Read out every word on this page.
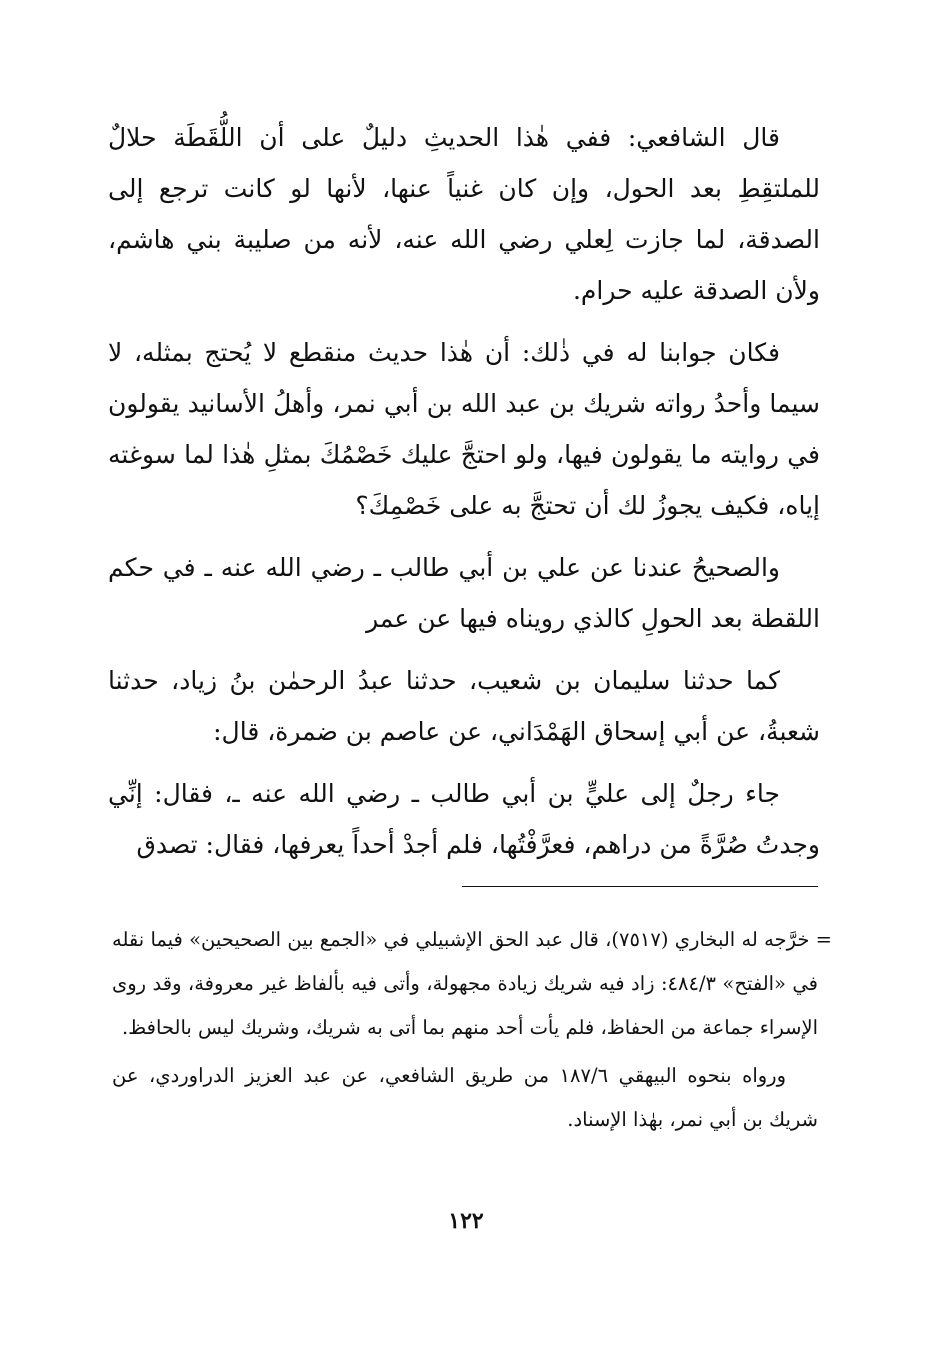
قال الشافعي: ففي هٰذا الحديثِ دليلٌ على أن اللُّقَطَة حلالٌ للملتقِطِ بعد الحول، وإن كان غنياً عنها، لأنها لو كانت ترجع إلى الصدقة، لما جازت لِعلي رضي الله عنه، لأنه من صليبة بني هاشم، ولأن الصدقة عليه حرام.

فكان جوابنا له في ذٰلك: أن هٰذا حديث منقطع لا يُحتج بمثله، لا سيما وأحدُ رواته شريك بن عبد الله بن أبي نمر، وأهلُ الأسانيد يقولون في روايته ما يقولون فيها، ولو احتجَّ عليك خَصْمُكَ بمثلِ هٰذا لما سوغته إياه، فكيف يجوزُ لك أن تحتجَّ به على خَصْمِكَ؟

والصحيحُ عندنا عن علي بن أبي طالب ـ رضي الله عنه ـ في حكم اللقطة بعد الحولِ كالذي رويناه فيها عن عمر

كما حدثنا سليمان بن شعيب، حدثنا عبدُ الرحمٰن بنُ زياد، حدثنا شعبةُ، عن أبي إسحاق الهَمْدَاني، عن عاصم بن ضمرة، قال:

جاء رجلٌ إلى عليٍّ بن أبي طالب ـ رضي الله عنه ـ، فقال: إنِّي وجدتُ صُرَّةً من دراهم، فعرَّفْتُها، فلم أجدْ أحداً يعرفها، فقال: تصدق

= خرَّجه له البخاري (٧٥١٧)، قال عبد الحق الإشبيلي في «الجمع بين الصحيحين» فيما نقله في «الفتح» ٤٨٤/٣: زاد فيه شريك زيادة مجهولة، وأتى فيه بألفاظ غير معروفة، وقد روى الإسراء جماعة من الحفاظ، فلم يأت أحد منهم بما أتى به شريك، وشريك ليس بالحافظ.

ورواه بنحوه البيهقي ١٨٧/٦ من طريق الشافعي، عن عبد العزيز الدراوردي، عن شريك بن أبي نمر، بهٰذا الإسناد.

١٢٢
